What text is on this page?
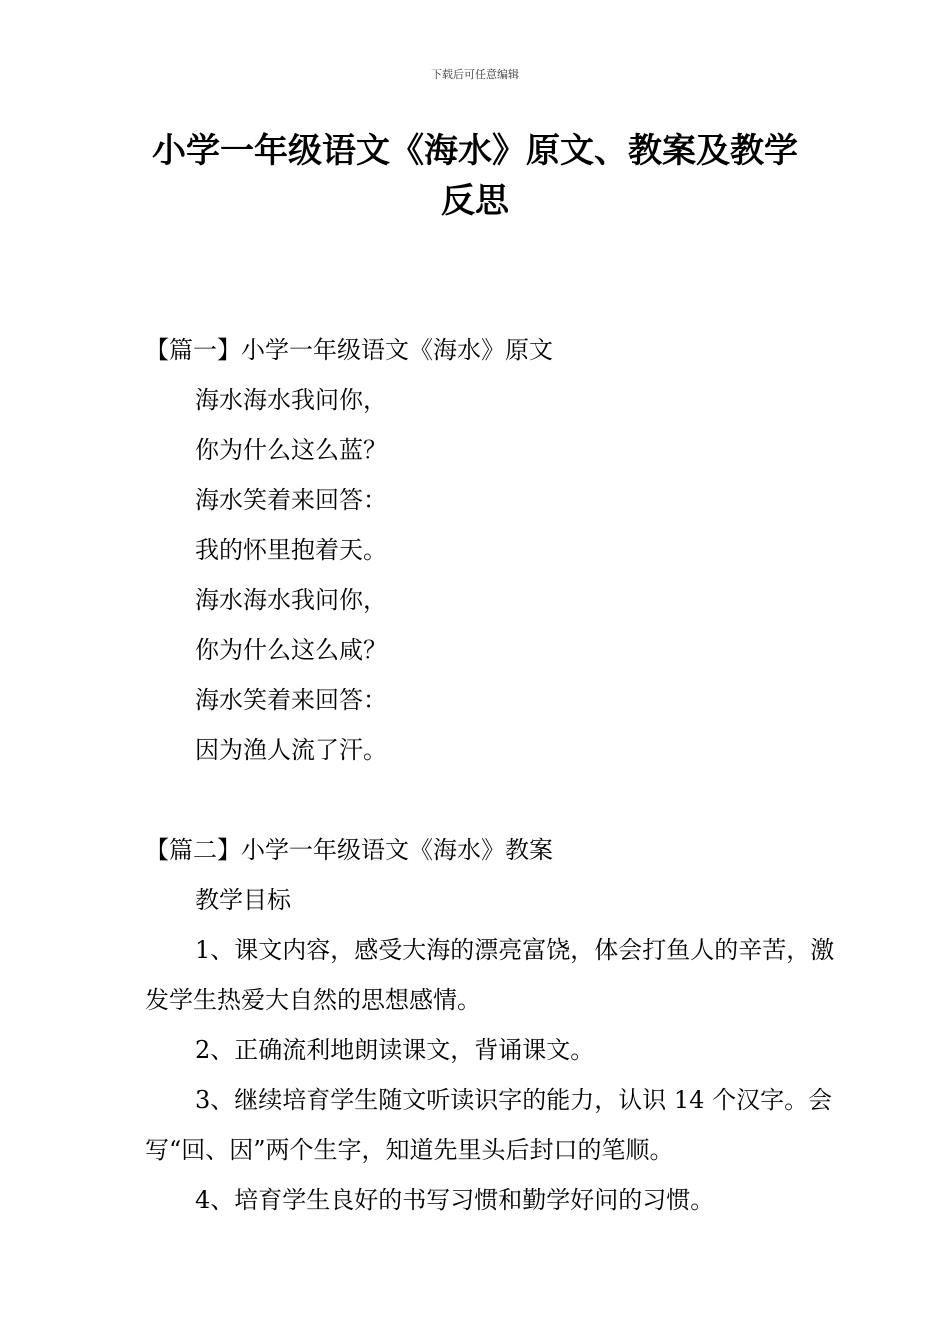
下载后可任意编辑
小学一年级语文《海水》原文、教案及教学反思

【篇一】小学一年级语文《海水》原文

海水海水我问你，

你为什么这么蓝？

海水笑着来回答：

我的怀里抱着天。

海水海水我问你，

你为什么这么咸？

海水笑着来回答：

因为渔人流了汗。

【篇二】小学一年级语文《海水》教案

教学目标

1、课文内容，感受大海的漂亮富饶，体会打鱼人的辛苦，激发学生热爱大自然的思想感情。

2、正确流利地朗读课文，背诵课文。

3、继续培育学生随文听读识字的能力，认识 14 个汉字。会写“回、因”两个生字，知道先里头后封口的笔顺。

4、培育学生良好的书写习惯和勤学好问的习惯。
